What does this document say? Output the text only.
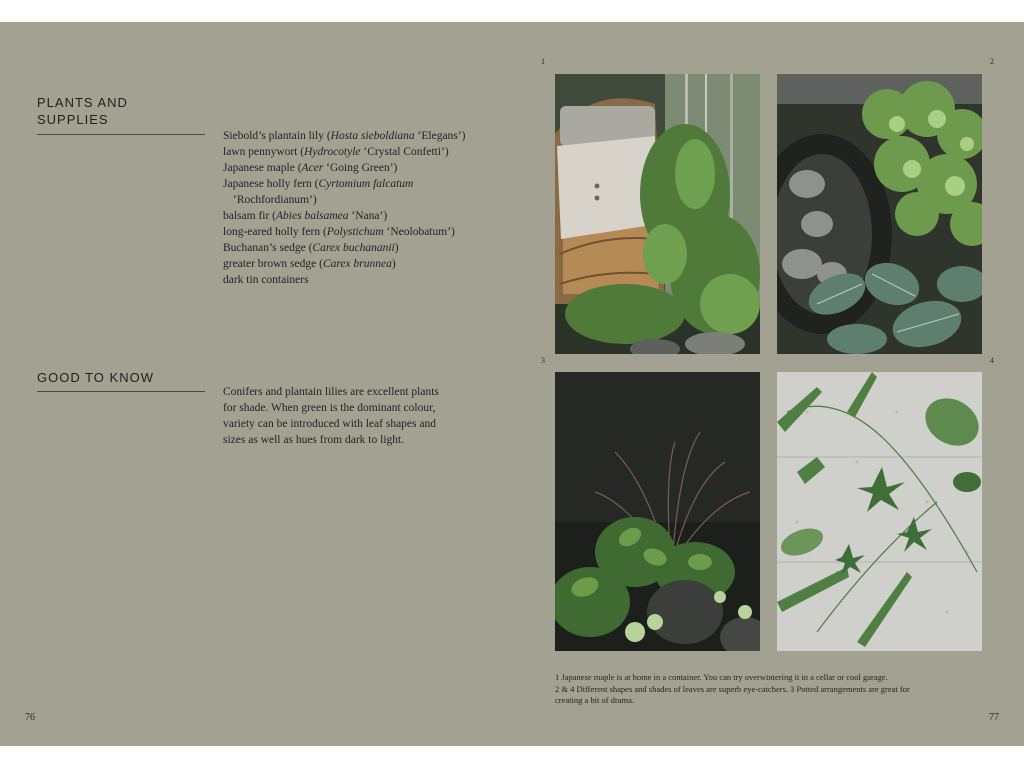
PLANTS AND
SUPPLIES
Siebold’s plantain lily (Hosta sieboldiana ‘Elegans’)
lawn pennywort (Hydrocotyle ‘Crystal Confetti’)
Japanese maple (Acer ‘Going Green’)
Japanese holly fern (Cyrtomium falcatum
‘Rochfordianum’)
balsam fir (Abies balsamea ‘Nana’)
long-eared holly fern (Polystichum ‘Neolobatum’)
Buchanan’s sedge (Carex buchananii)
greater brown sedge (Carex brunnea)
dark tin containers
GOOD TO KNOW
Conifers and plantain lilies are excellent plants
for shade. When green is the dominant colour,
variety can be introduced with leaf shapes and
sizes as well as hues from dark to light.
1	2
3	4
1 Japanese maple is at home in a container. You can try overwintering it in a cellar or cool garage.
2 & 4 Different shapes and shades of leaves are superb eye-catchers. 3 Potted arrangements are great for
creating a bit of drama.
76	77
